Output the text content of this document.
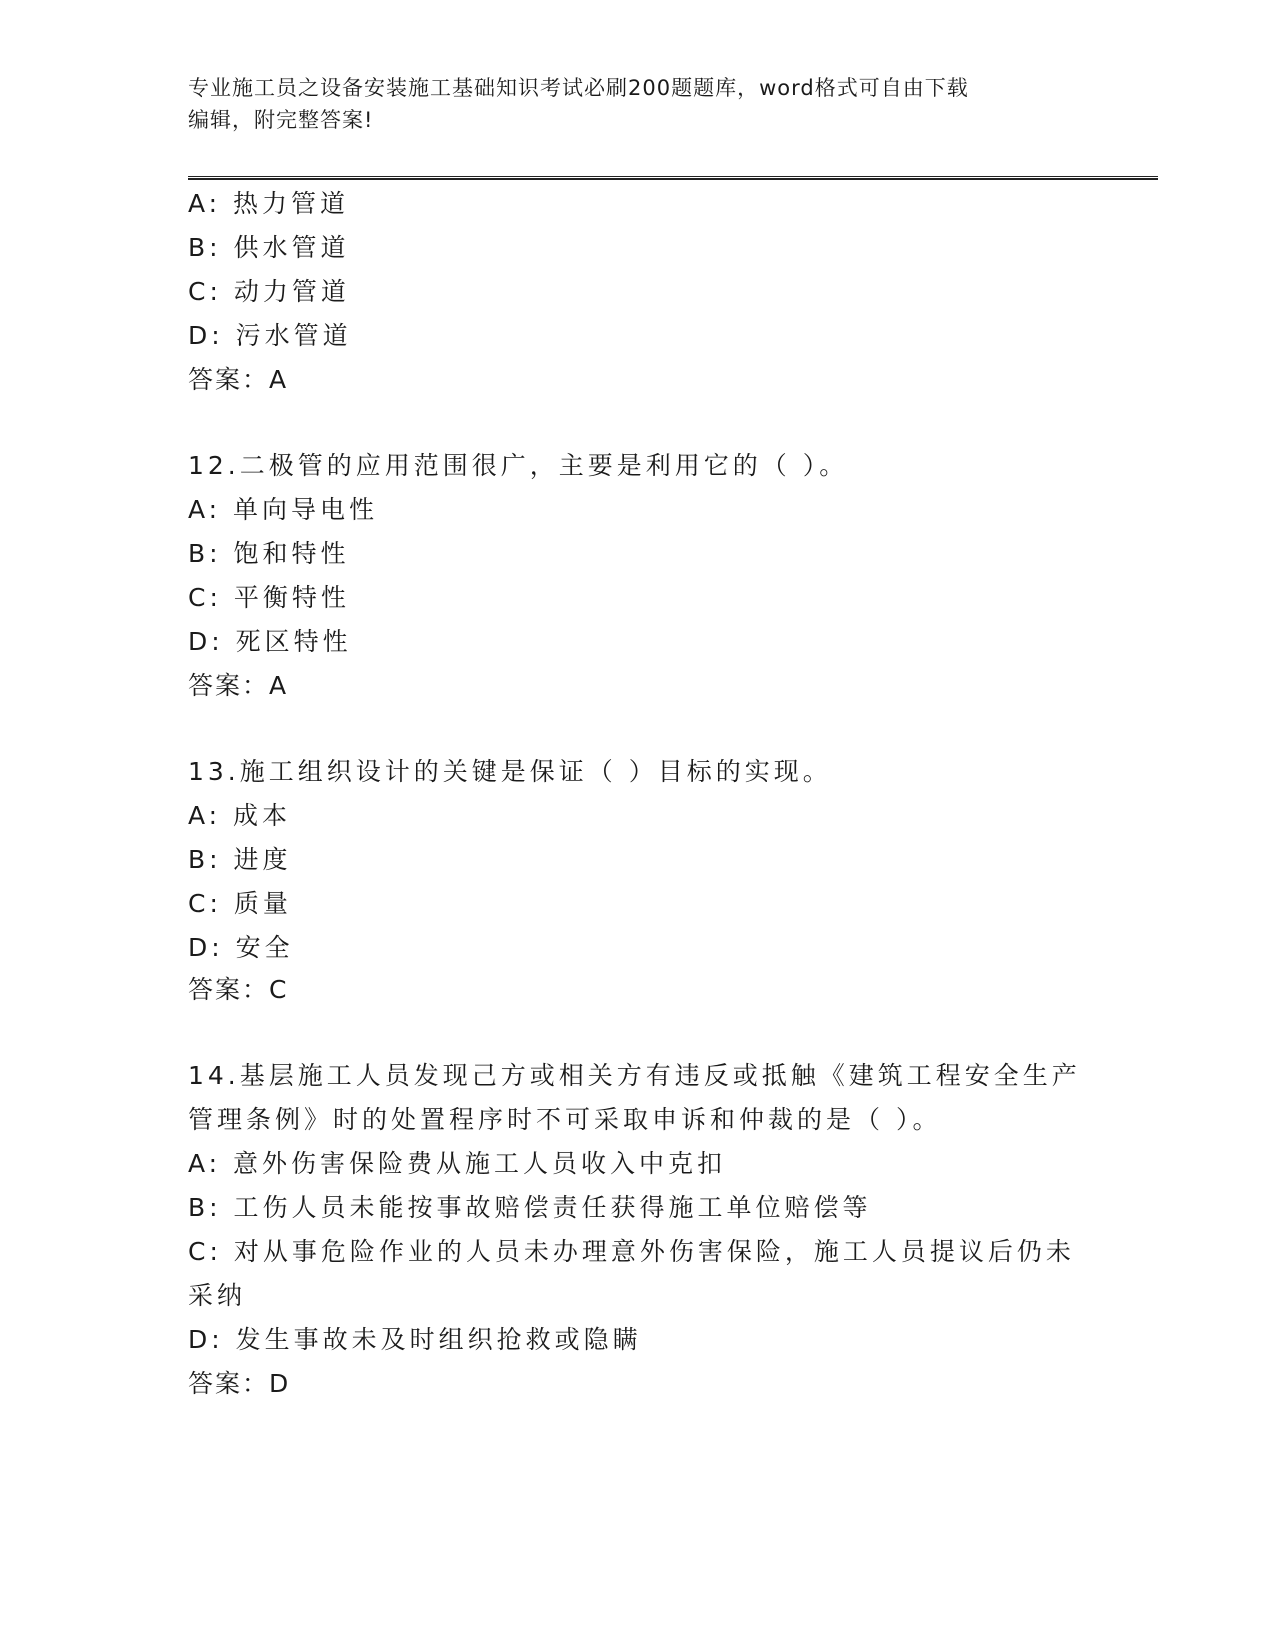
专业施工员之设备安装施工基础知识考试必刷200题题库，word格式可自由下载
编辑，附完整答案!
A: 热力管道
B: 供水管道
C: 动力管道
D: 污水管道
答案：A
12.二极管的应用范围很广，主要是利用它的（ ）。
A: 单向导电性
B: 饱和特性
C: 平衡特性
D: 死区特性
答案：A
13.施工组织设计的关键是保证（ ）目标的实现。
A: 成本
B: 进度
C: 质量
D: 安全
答案：C
14.基层施工人员发现己方或相关方有违反或抵触《建筑工程安全生产
管理条例》时的处置程序时不可采取申诉和仲裁的是（ ）。
A: 意外伤害保险费从施工人员收入中克扣
B: 工伤人员未能按事故赔偿责任获得施工单位赔偿等
C: 对从事危险作业的人员未办理意外伤害保险，施工人员提议后仍未
采纳
D: 发生事故未及时组织抢救或隐瞒
答案：D
